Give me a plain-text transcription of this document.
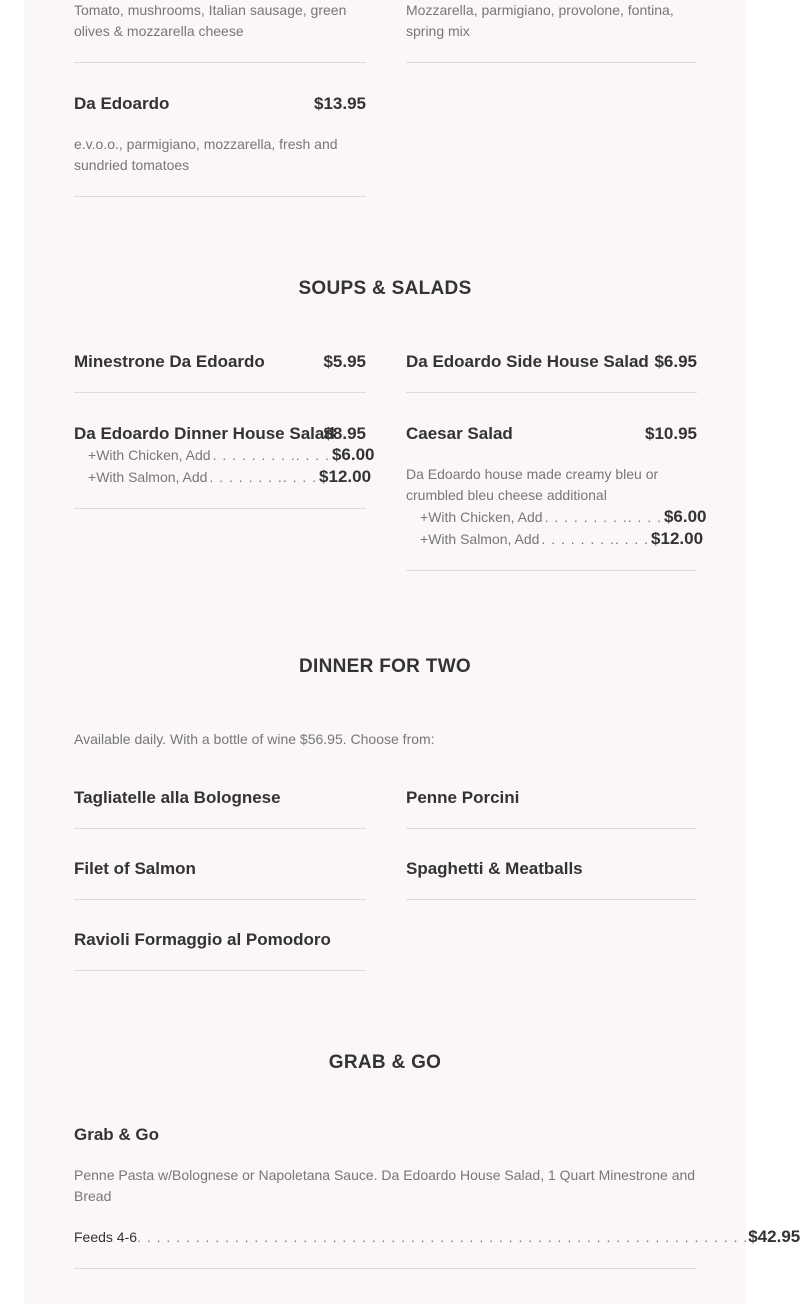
Tomato, mushrooms, Italian sausage, green olives & mozzarella cheese
Mozzarella, parmigiano, provolone, fontina, spring mix
Da Edoardo	$13.95
e.v.o.o., parmigiano, mozzarella, fresh and sundried tomatoes
SOUPS & SALADS
Minestrone Da Edoardo	$5.95 Da Edoardo Side House Salad $6.95
Da Edoardo Dinner House Salad
$8.95
+ With Chicken, Add . . . . . . . . .. . . . $6.00
+ With Salmon, Add . . . . . . . .. . . . $12.00
Caesar Salad	$10.95
Da Edoardo house made creamy bleu or crumbled bleu cheese additional
+ With Chicken, Add . . . . . . . . .. . . . $6.00
+ With Salmon, Add . . . . . . . .. . . . $12.00
DINNER FOR TWO
Available daily. With a bottle of wine $56.95. Choose from:
Tagliatelle alla Bolognese	Penne Porcini
Filet of Salmon	Spaghetti & Meatballs
Ravioli Formaggio al Pomodoro
GRAB & GO
Grab & Go
Penne Pasta w/Bolognese or Napoletana Sauce. Da Edoardo House Salad, 1 Quart Minestrone and Bread
Feeds 4-6 . . . . . . . . . . . . . . . . . . . . . . . . . . . . . . . . . . . . . . . . . . . . . . . . . . . . . . . . . . . . . . . $42.95
